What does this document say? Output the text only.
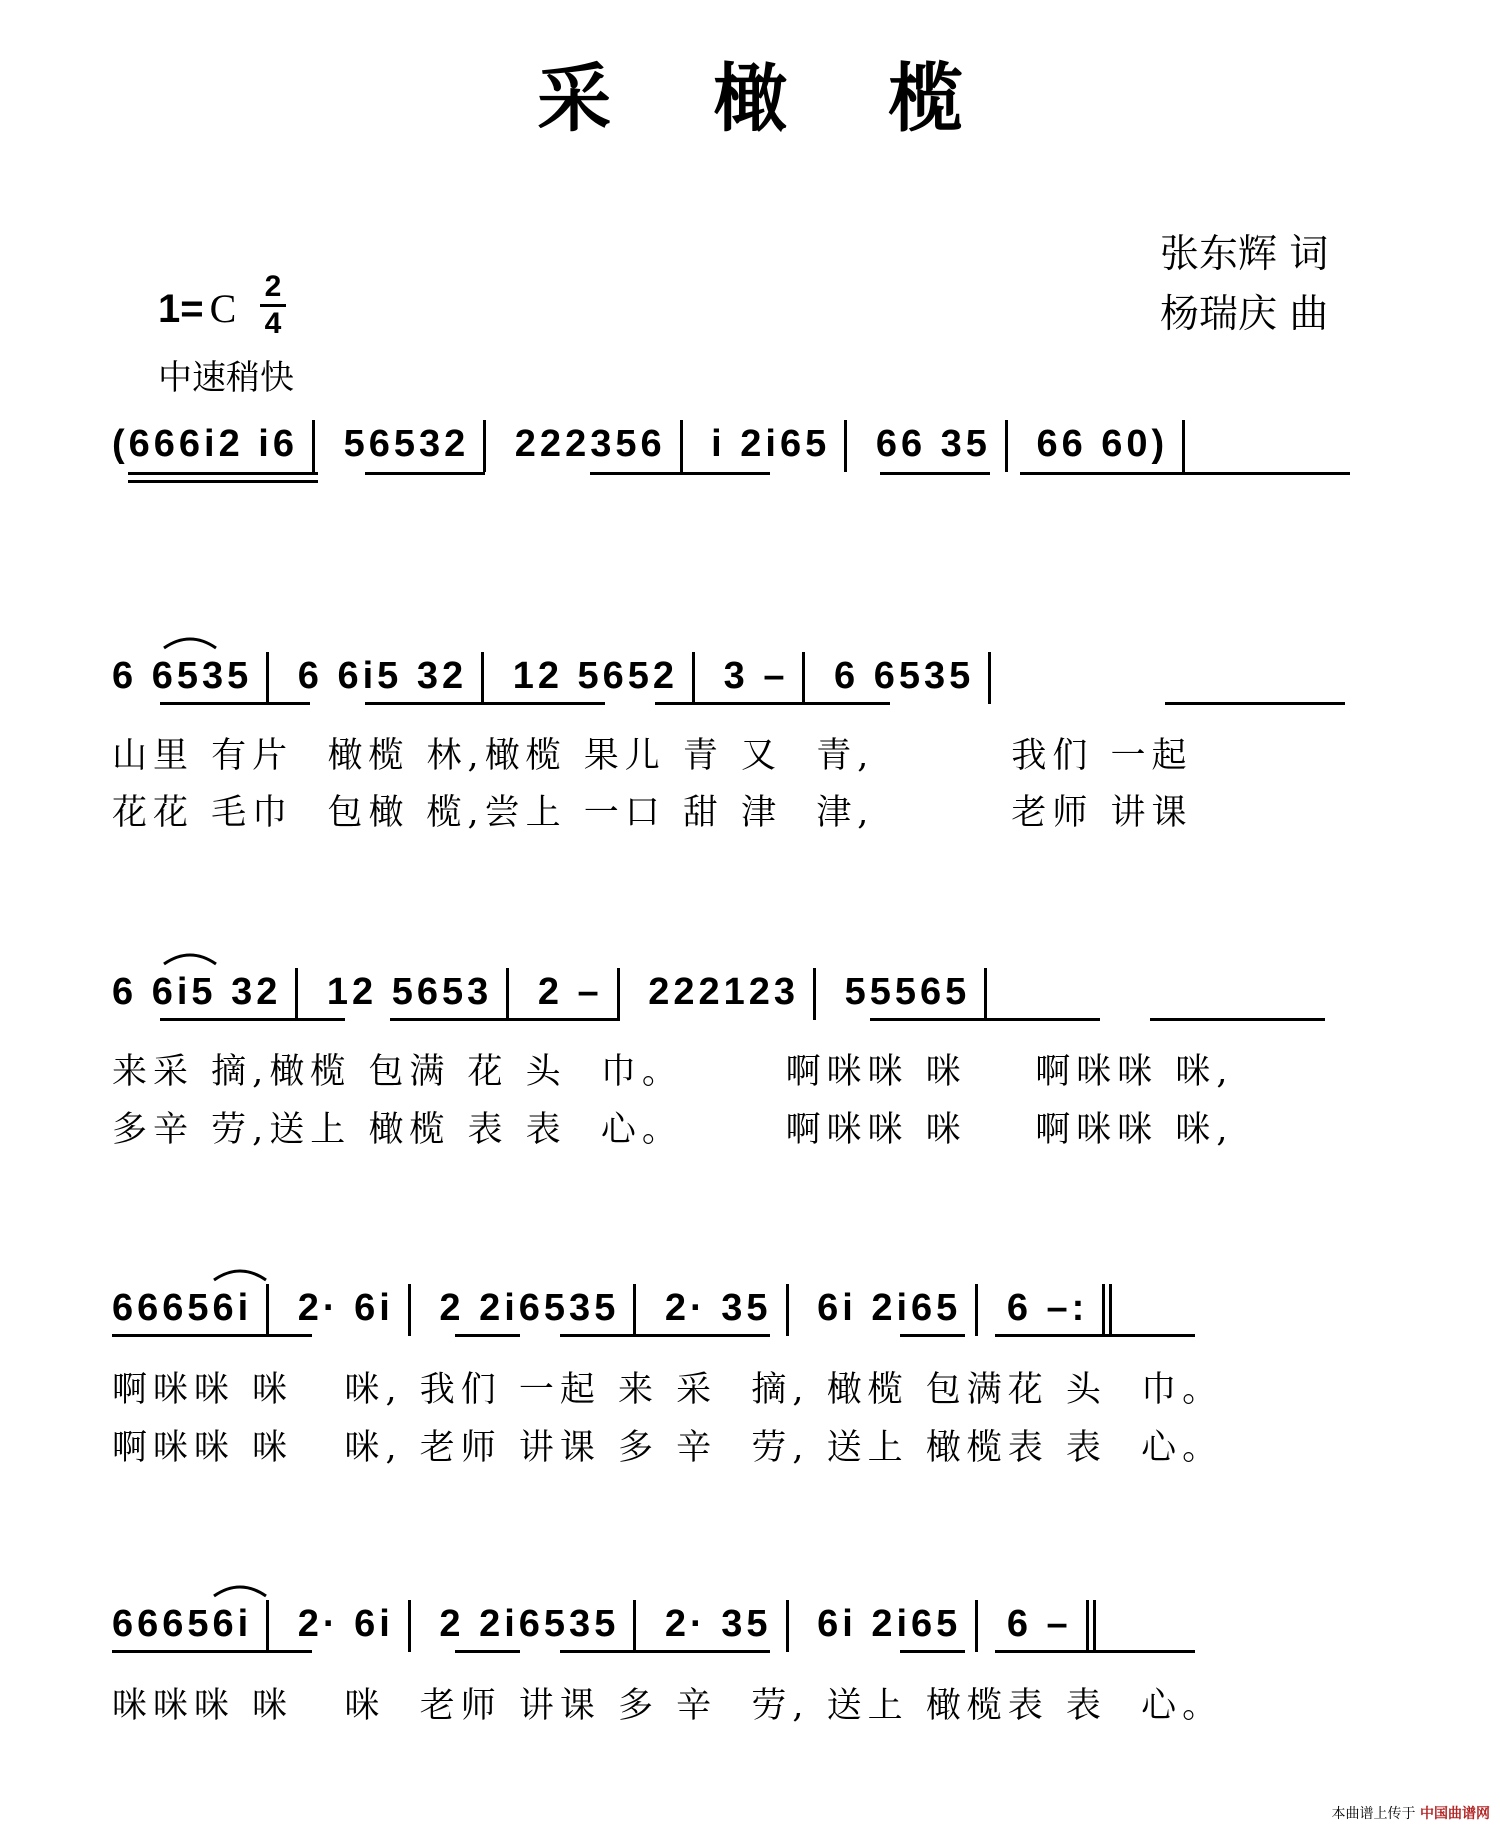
采 橄 榄
张东辉 词
杨瑞庆 曲
1= C 2
4
中速稍快
(666i2 i6 56532 222356 i 2i65 66 35 66 60)
6 6535 6 6i5 32 12 5652 3 – 6 6535
山里 有片  橄榄 林,橄榄 果儿 青 又  青,        我们 一起
花花 毛巾  包橄 榄,尝上 一口 甜 津  津,        老师 讲课
6 6i5 32 12 5653 2 – 222123 55565
来采 摘,橄榄 包满 花 头  巾。      啊咪咪 咪    啊咪咪 咪,
多辛 劳,送上 橄榄 表 表  心。      啊咪咪 咪    啊咪咪 咪,
66656i 2· 6i 2 2i6535 2· 35 6i 2i65 6 –:
啊咪咪 咪   咪, 我们 一起 来 采  摘, 橄榄 包满花 头  巾。
啊咪咪 咪   咪, 老师 讲课 多 辛  劳, 送上 橄榄表 表  心。
66656i 2· 6i 2 2i6535 2· 35 6i 2i65 6 –
咪咪咪 咪   咪  老师 讲课 多 辛  劳, 送上 橄榄表 表  心。
本曲谱上传于 中国曲谱网
